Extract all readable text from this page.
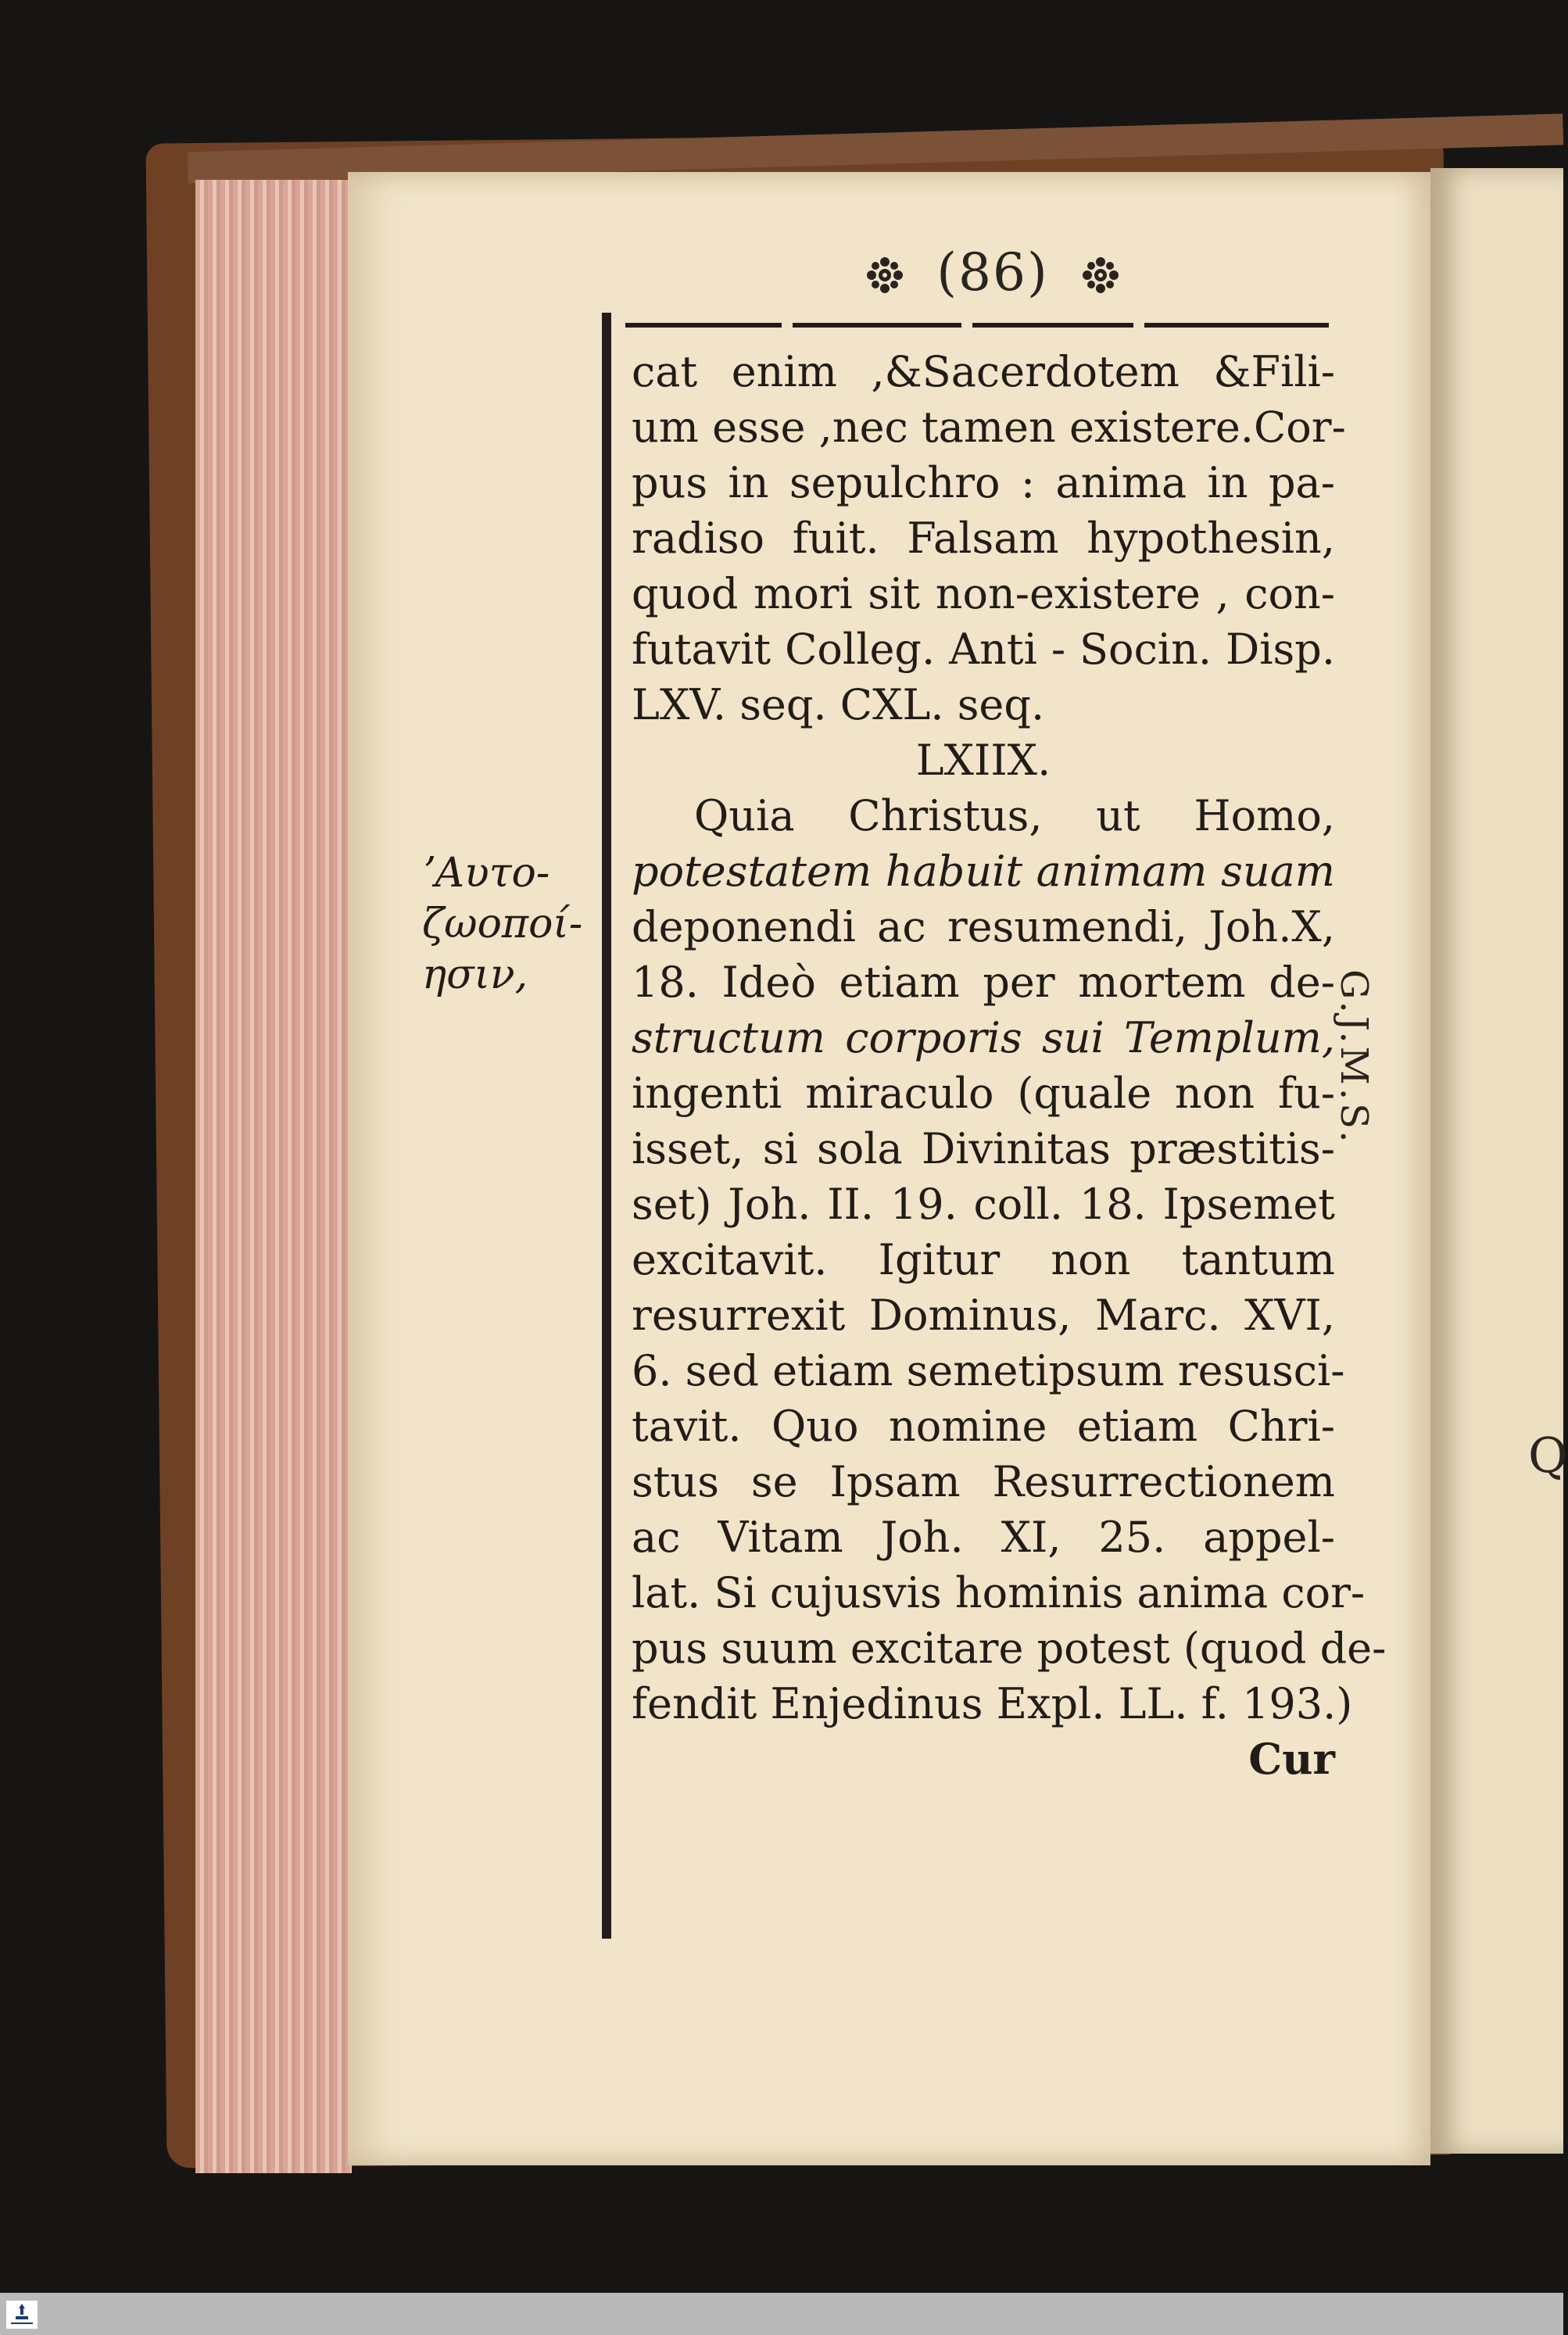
Q
(86)
ʼΑυτο-
ζωοποί-
ησιν,	G.J.M.S.
cat enim ,&Sacerdotem &Fili-
um esse ,nec tamen existere.Cor-
pus in sepulchro : anima in pa-
radiso fuit. Falsam hypothesin,
quod mori sit non-existere , con-
futavit Colleg. Anti - Socin. Disp.
LXV. seq. CXL. seq.
LXIIX.
Quia Christus, ut Homo,
potestatem habuit animam suam
deponendi ac resumendi, Joh.X,
18. Ideò etiam per mortem de-
structum corporis sui Templum,
ingenti miraculo (quale non fu-
isset, si sola Divinitas præstitis-
set) Joh. II. 19. coll. 18. Ipsemet
excitavit. Igitur non tantum
resurrexit Dominus, Marc. XVI,
6. sed etiam semetipsum resusci-
tavit. Quo nomine etiam Chri-
stus se Ipsam Resurrectionem
ac Vitam Joh. XI, 25. appel-
lat. Si cujusvis hominis anima cor-
pus suum excitare potest (quod de-
fendit Enjedinus Expl. LL. f. 193.)
Cur
